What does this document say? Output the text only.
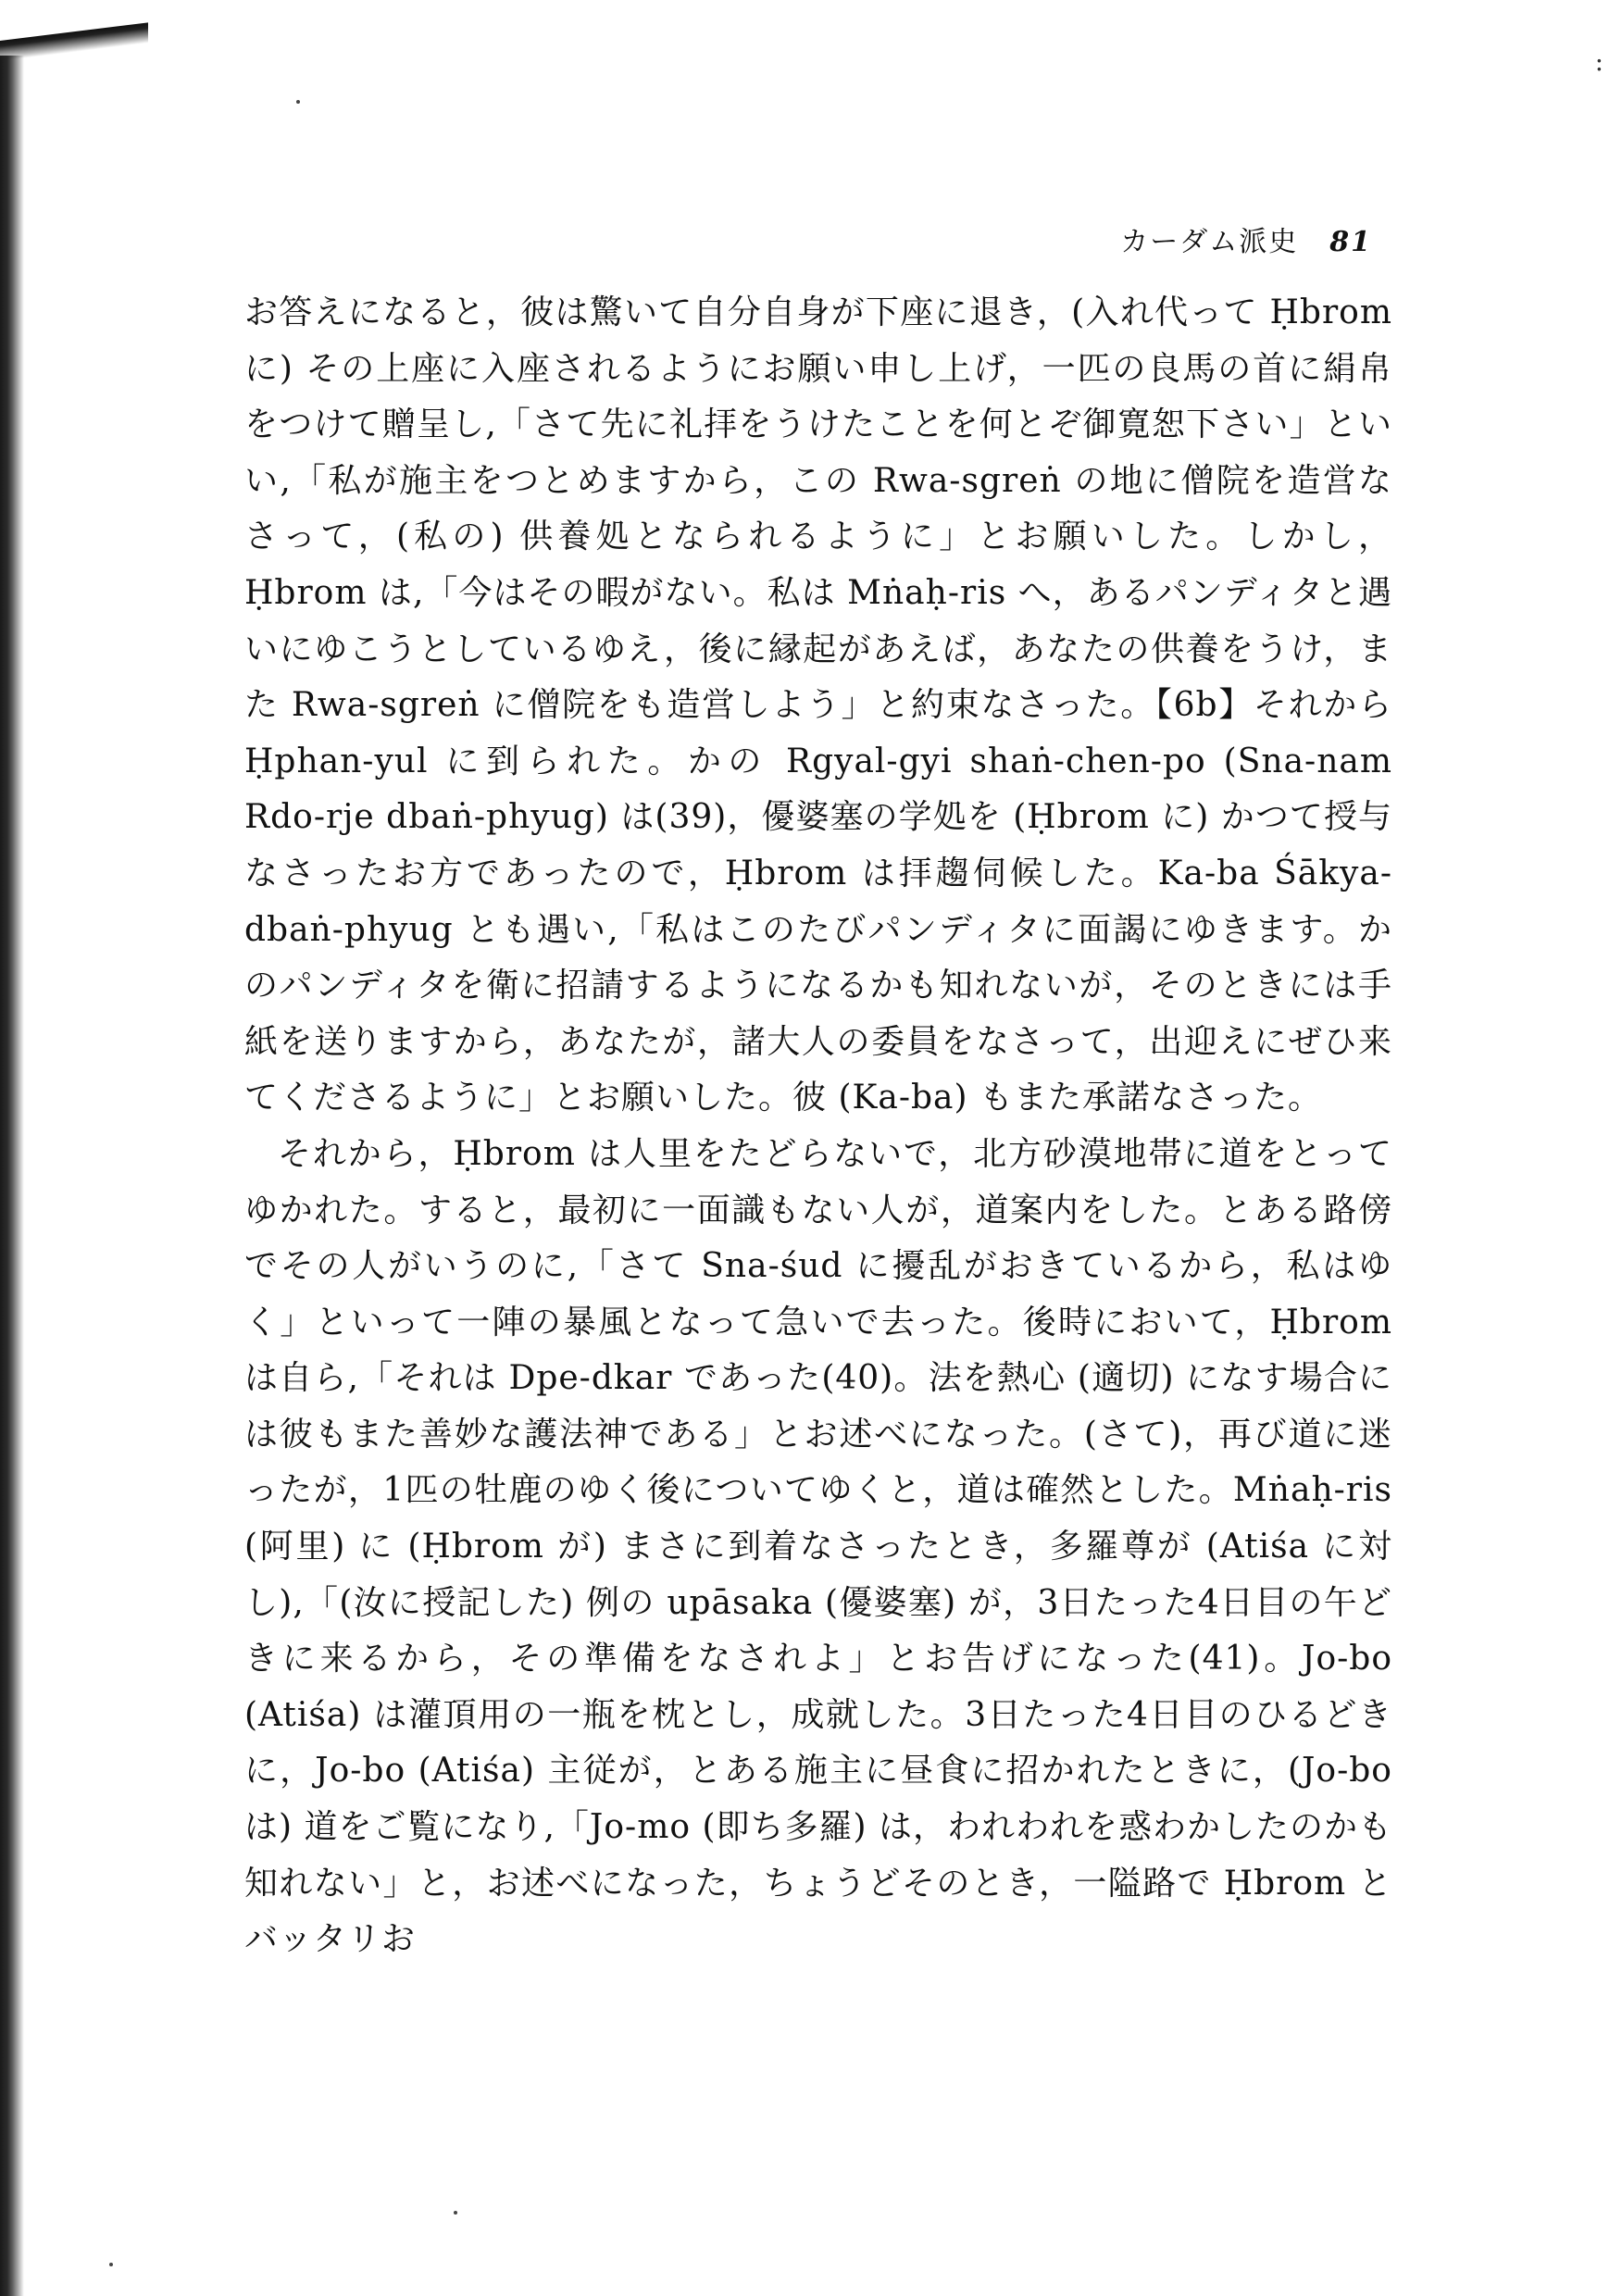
:
カーダム派史 81

お答えになると，彼は驚いて自分自身が下座に退き，(入れ代って Ḥbrom に) その上座に入座されるようにお願い申し上げ，一匹の良馬の首に絹帛をつけて贈呈し,「さて先に礼拝をうけたことを何とぞ御寛恕下さい」といい,「私が施主をつとめますから，この Rwa-sgreṅ の地に僧院を造営なさって，(私の) 供養処となられるように」とお願いした。しかし，Ḥbrom は,「今はその暇がない。私は Mṅaḥ-ris へ，あるパンディタと遇いにゆこうとしているゆえ，後に縁起があえば，あなたの供養をうけ，また Rwa-sgreṅ に僧院をも造営しよう」と約束なさった。【6b】それから Ḥphan-yul に到られた。かの Rgyal-gyi shaṅ-chen-po (Sna-nam Rdo-rje dbaṅ-phyug) は(39)，優婆塞の学処を (Ḥbrom に) かつて授与なさったお方であったので，Ḥbrom は拝趨伺候した。Ka-ba Śākya-dbaṅ-phyug とも遇い,「私はこのたびパンディタに面謁にゆきます。かのパンディタを衛に招請するようになるかも知れないが，そのときには手紙を送りますから，あなたが，諸大人の委員をなさって，出迎えにぜひ来てくださるように」とお願いした。彼 (Ka-ba) もまた承諾なさった。

それから，Ḥbrom は人里をたどらないで，北方砂漠地帯に道をとってゆかれた。すると，最初に一面識もない人が，道案内をした。とある路傍でその人がいうのに,「さて Sna-śud に擾乱がおきているから，私はゆく」といって一陣の暴風となって急いで去った。後時において，Ḥbrom は自ら,「それは Dpe-dkar であった(40)。法を熱心 (適切) になす場合には彼もまた善妙な護法神である」とお述べになった。(さて)，再び道に迷ったが，1匹の牡鹿のゆく後についてゆくと，道は確然とした。Mṅaḥ-ris (阿里) に (Ḥbrom が) まさに到着なさったとき，多羅尊が (Atiśa に対し),「(汝に授記した) 例の upāsaka (優婆塞) が，3日たった4日目の午どきに来るから，その準備をなされよ」とお告げになった(41)。Jo-bo (Atiśa) は灌頂用の一瓶を枕とし，成就した。3日たった4日目のひるどきに，Jo-bo (Atiśa) 主従が，とある施主に昼食に招かれたときに，(Jo-bo は) 道をご覧になり,「Jo-mo (即ち多羅) は，われわれを惑わかしたのかも知れない」と，お述べになった，ちょうどそのとき，一隘路で Ḥbrom とバッタリお
